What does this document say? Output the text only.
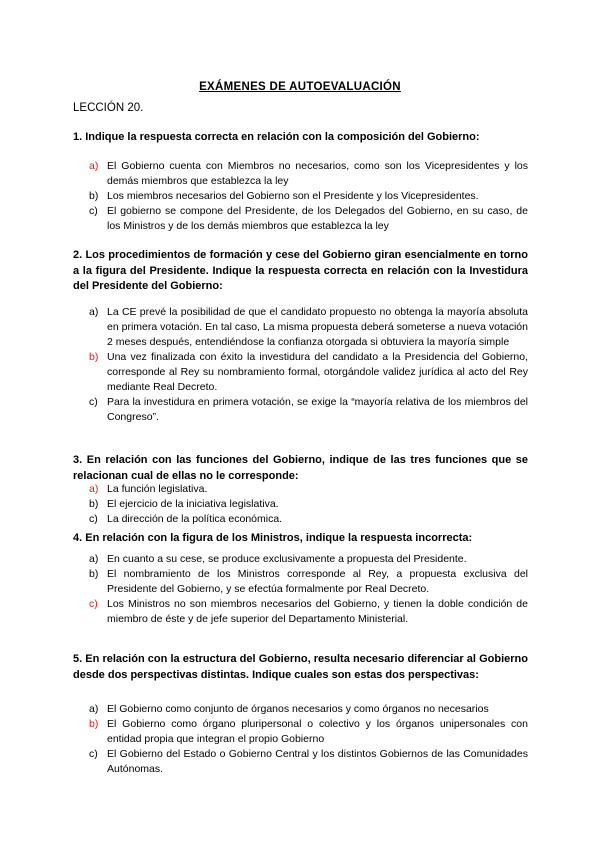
EXÁMENES DE AUTOEVALUACIÓN
LECCIÓN 20.
1. Indique la respuesta correcta en relación con la composición del Gobierno:
a) El Gobierno cuenta con Miembros no necesarios, como son los Vicepresidentes y los demás miembros que establezca la ley
b) Los miembros necesarios del Gobierno son el Presidente y los Vicepresidentes.
c) El gobierno se compone del Presidente, de los Delegados del Gobierno, en su caso, de los Ministros y de los demás miembros que establezca la ley
2. Los procedimientos de formación y cese del Gobierno giran esencialmente en torno a la figura del Presidente. Indique la respuesta correcta en relación con la Investidura del Presidente del Gobierno:
a) La CE prevé la posibilidad de que el candidato propuesto no obtenga la mayoría absoluta en primera votación. En tal caso, La misma propuesta deberá someterse a nueva votación 2 meses después, entendiéndose la confianza otorgada si obtuviera la mayoría simple
b) Una vez finalizada con éxito la investidura del candidato a la Presidencia del Gobierno, corresponde al Rey su nombramiento formal, otorgándole validez jurídica al acto del Rey mediante Real Decreto.
c) Para la investidura en primera votación, se exige la “mayoría relativa de los miembros del Congreso”.
3. En relación con las funciones del Gobierno, indique de las tres funciones que se relacionan cual de ellas no le corresponde:
a) La función legislativa.
b) El ejercicio de la iniciativa legislativa.
c) La dirección de la política económica.
4. En relación con la figura de los Ministros, indique la respuesta incorrecta:
a) En cuanto a su cese, se produce exclusivamente a propuesta del Presidente.
b) El nombramiento de los Ministros corresponde al Rey, a propuesta exclusiva del Presidente del Gobierno, y se efectúa formalmente por Real Decreto.
c) Los Ministros no son miembros necesarios del Gobierno, y tienen la doble condición de miembro de éste y de jefe superior del Departamento Ministerial.
5. En relación con la estructura del Gobierno, resulta necesario diferenciar al Gobierno desde dos perspectivas distintas. Indique cuales son estas dos perspectivas:
a) El Gobierno como conjunto de órganos necesarios y como órganos no necesarios
b) El Gobierno como órgano pluripersonal o colectivo y los órganos unipersonales con entidad propia que integran el propio Gobierno
c) El Gobierno del Estado o Gobierno Central y los distintos Gobiernos de las Comunidades Autónomas.
